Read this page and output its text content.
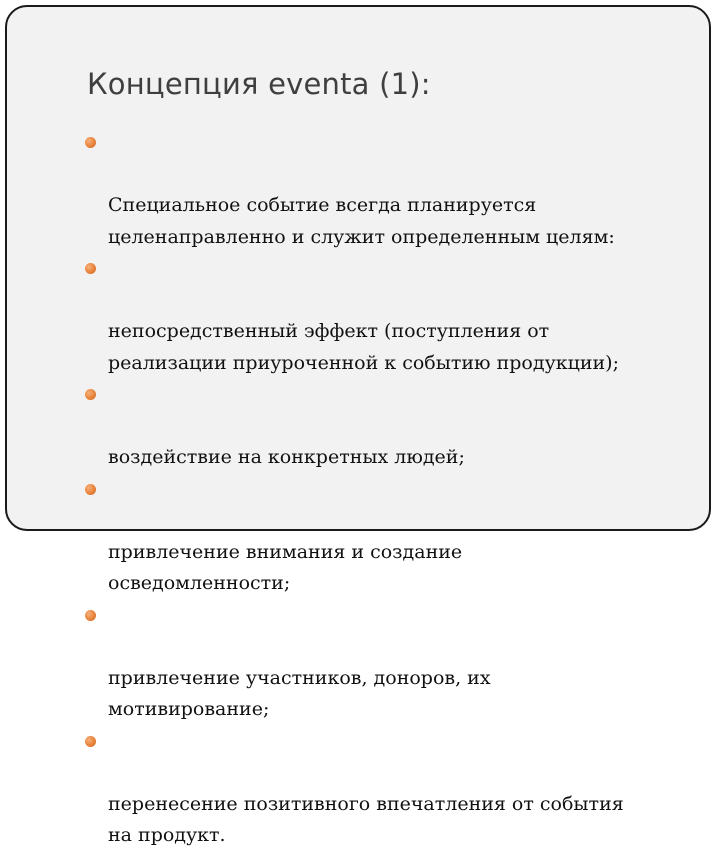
Концепция eventa (1):

Специальное событие всегда планируется
целенаправленно и служит определенным целям:

непосредственный эффект (поступления от
реализации приуроченной к событию продукции);

воздействие на конкретных людей;

привлечение внимания и создание
осведомленности;

привлечение участников, доноров, их
мотивирование;

перенесение позитивного впечатления от события
на продукт.
